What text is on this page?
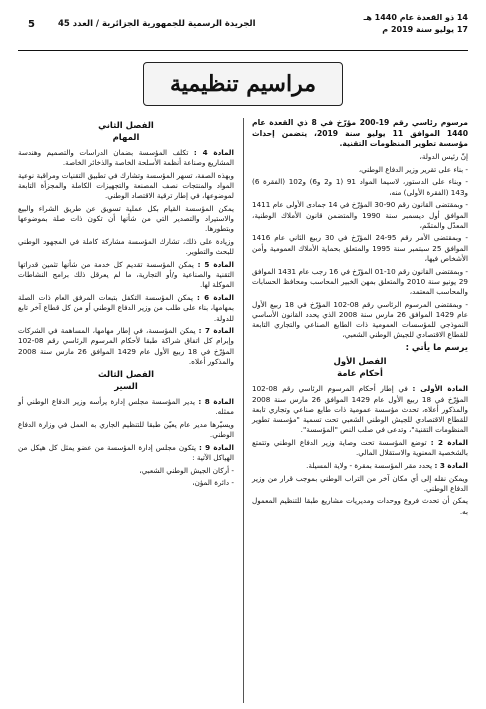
5	الجريدة الرسمية للجمهورية الجزائرية / العدد 45
14 ذو القعدة عام 1440 هـ
17 يوليو سنة 2019 م
مراسيم تنظيمية

مرسوم رئاسي رقم 19-200 مؤرّخ في 8 ذي القعدة عام 1440 الموافق 11 يوليو سنة 2019، يتضمن إحداث مؤسسة تطوير المنظومات التقنية.

إنّ رئيس الدولة،

- بناء على تقرير وزير الدفاع الوطني،

- وبناء على الدستور، لاسيما المواد 91 (1 و2 و6) و102 (الفقرة 6) و143 (الفقرة الأولى) منه،

- وبمقتضى القانون رقم 90-30 المؤرّخ في 14 جمادى الأولى عام 1411 الموافق أول ديسمبر سنة 1990 والمتضمن قانون الأملاك الوطنية، المعدّل والمتمّم،

- وبمقتضى الأمر رقم 95-24 المؤرّخ في 30 ربيع الثاني عام 1416 الموافق 25 سبتمبر سنة 1995 والمتعلق بحماية الأملاك العمومية وأمن الأشخاص فيها،

- وبمقتضى القانون رقم 10-01 المؤرّخ في 16 رجب عام 1431 الموافق 29 يونيو سنة 2010 والمتعلق بمهن الخبير المحاسب ومحافظ الحسابات والمحاسب المعتمد،

- وبمقتضى المرسوم الرئاسي رقم 08-102 المؤرّخ في 18 ربيع الأول عام 1429 الموافق 26 مارس سنة 2008 الذي يحدد القانون الأساسي النموذجي للمؤسسات العمومية ذات الطابع الصناعي والتجاري التابعة للقطاع الاقتصادي للجيش الوطني الشعبي،

يرسم ما يأتي :
الفصل الأول
أحكام عامة

المادة الأولى : في إطار أحكام المرسوم الرئاسي رقم 08-102 المؤرّخ في 18 ربيع الأول عام 1429 الموافق 26 مارس سنة 2008 والمذكور أعلاه، تحدث مؤسسة عمومية ذات طابع صناعي وتجاري تابعة للقطاع الاقتصادي للجيش الوطني الشعبي تحت تسمية "مؤسسة تطوير المنظومات التقنية"، وتدعى في صلب النص "المؤسسة".

المادة 2 : توضع المؤسسة تحت وصاية وزير الدفاع الوطني وتتمتع بالشخصية المعنوية والاستقلال المالي.

المادة 3 : يحدد مقر المؤسسة بمقرة - ولاية المسيلة.

ويمكن نقله إلى أي مكان آخر من التراب الوطني بموجب قرار من وزير الدفاع الوطني.

يمكن أن تحدث فروع ووحدات ومديريات مشاريع طبقا للتنظيم المعمول به.

الفصل الثاني
المهام

المادة 4 : تكلف المؤسسة بضمان الدراسات والتصميم وهندسة المشاريع وصناعة أنظمة الأسلحة الخاصة والذخائر الخاصة.

وبهذه الصفة، تسهر المؤسسة وتشارك في تطبيق التقنيات ومراقبة نوعية المواد والمنتجات نصف المصنعة والتجهيزات الكاملة والمجزأة التابعة لموضوعها، في إطار ترقية الاقتصاد الوطني.

يمكن المؤسسة القيام بكل عملية تسويق عن طريق الشراء والبيع والاستيراد والتصدير التي من شأنها أن تكون ذات صلة بموضوعها وبتطورها.

وزيادة على ذلك، تشارك المؤسسة مشاركة كاملة في المجهود الوطني للبحث والتطوير.

المادة 5 : يمكن المؤسسة تقديم كل خدمة من شأنها تثمين قدراتها التقنية والصناعية و/أو التجارية، ما لم يعرقل ذلك برامج النشاطات الموكلة لها.

المادة 6 : يمكن المؤسسة التكفل بتبعات المرفق العام ذات الصلة بمهامها، بناء على طلب من وزير الدفاع الوطني أو من كل قطاع آخر تابع للدولة.

المادة 7 : يمكن المؤسسة، في إطار مهامها، المساهمة في الشركات وإبرام كل اتفاق شراكة طبقا لأحكام المرسوم الرئاسي رقم 08-102 المؤرّخ في 18 ربيع الأول عام 1429 الموافق 26 مارس سنة 2008 والمذكور أعلاه.

الفصل الثالث
السير

المادة 8 : يدير المؤسسة مجلس إدارة يرأسه وزير الدفاع الوطني أو ممثله.

ويسيّرها مدير عام يعيّن طبقا للتنظيم الجاري به العمل في وزارة الدفاع الوطني.

المادة 9 : يتكون مجلس إدارة المؤسسة من عضو يمثل كل هيكل من الهياكل الآتية :

- أركان الجيش الوطني الشعبي،

- دائرة المؤن،
